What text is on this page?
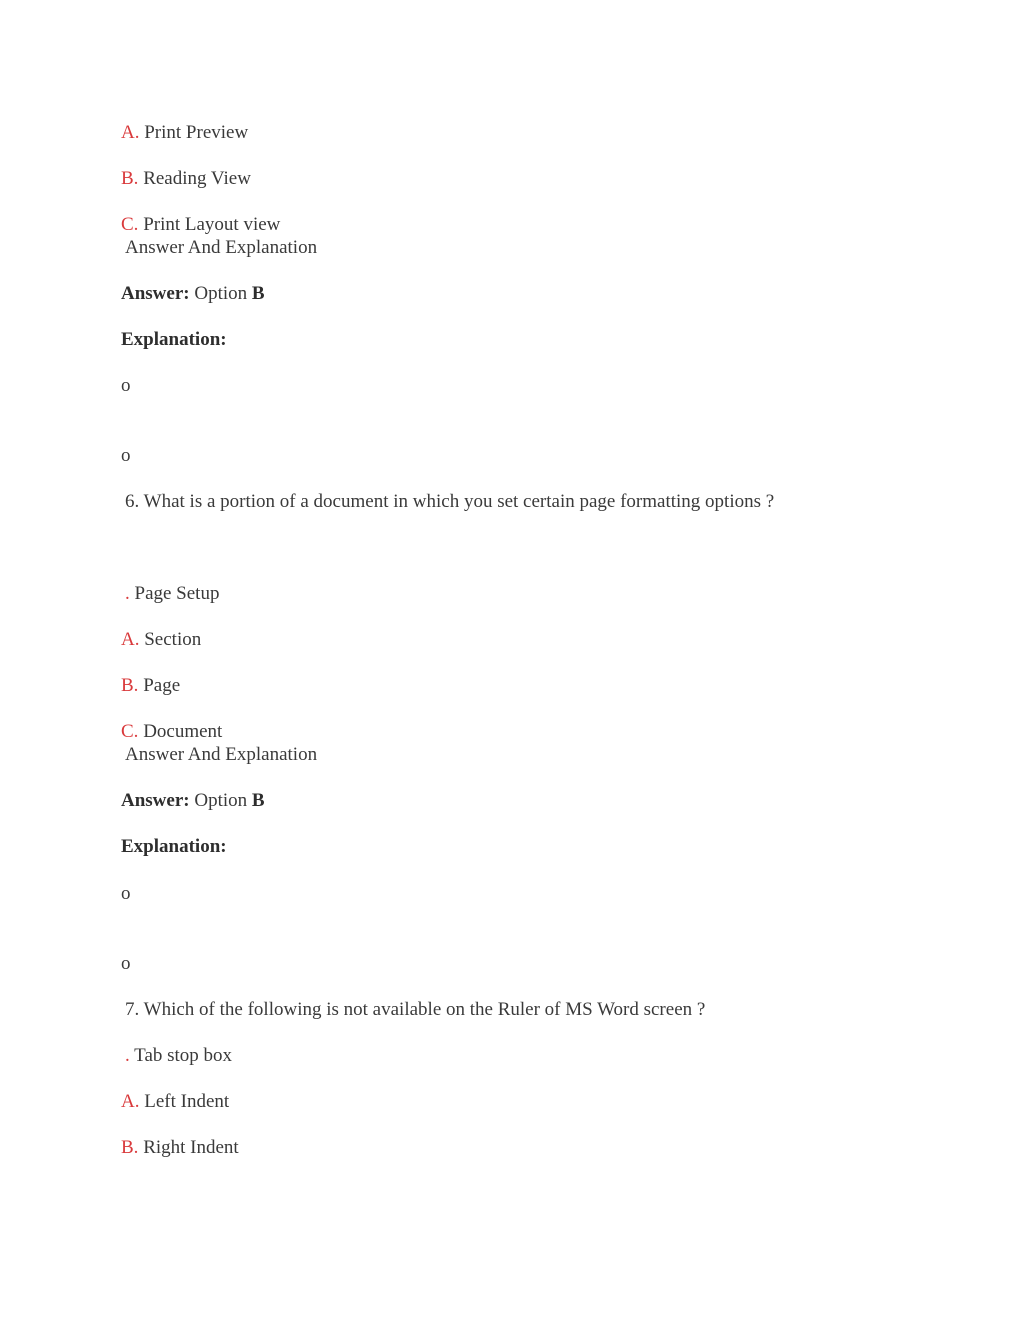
A. Print Preview
B. Reading View
C. Print Layout view
Answer And Explanation
Answer: Option B
Explanation:
o
o
6. What is a portion of a document in which you set certain page formatting options ?
. Page Setup
A. Section
B. Page
C. Document
Answer And Explanation
Answer: Option B
Explanation:
o
o
7. Which of the following is not available on the Ruler of MS Word screen ?
. Tab stop box
A. Left Indent
B. Right Indent
